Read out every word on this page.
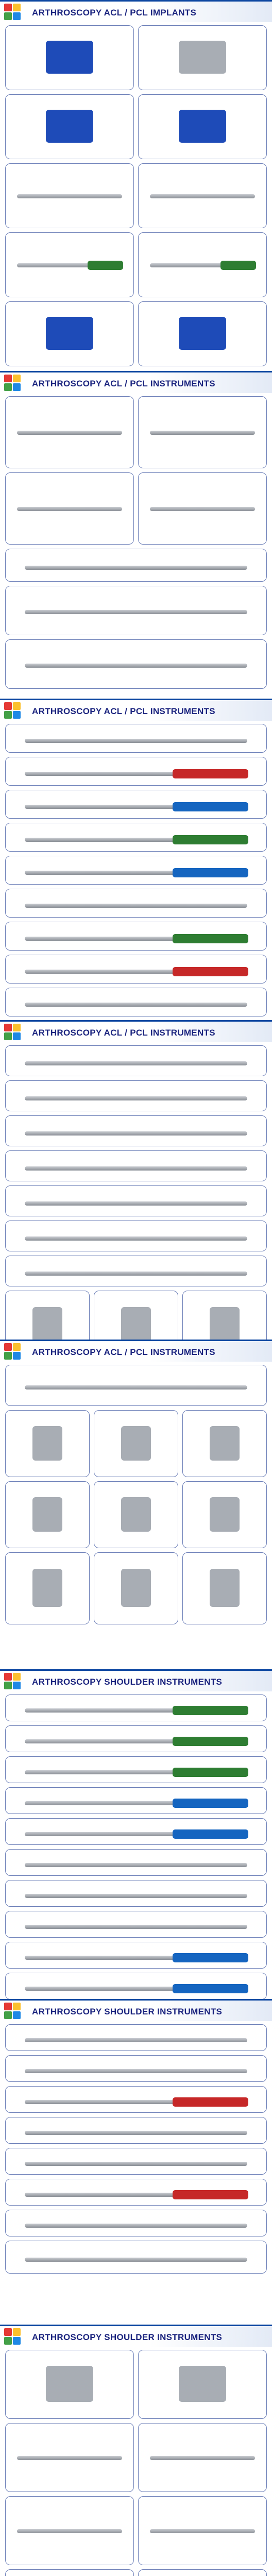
ARTHROSCOPY ACL / PCL IMPLANTS
ARTHROSCOPY ACL / PCL INSTRUMENTS
ARTHROSCOPY ACL / PCL INSTRUMENTS
ARTHROSCOPY ACL / PCL INSTRUMENTS
ARTHROSCOPY ACL / PCL INSTRUMENTS
ARTHROSCOPY SHOULDER INSTRUMENTS
ARTHROSCOPY SHOULDER INSTRUMENTS
ARTHROSCOPY SHOULDER INSTRUMENTS
